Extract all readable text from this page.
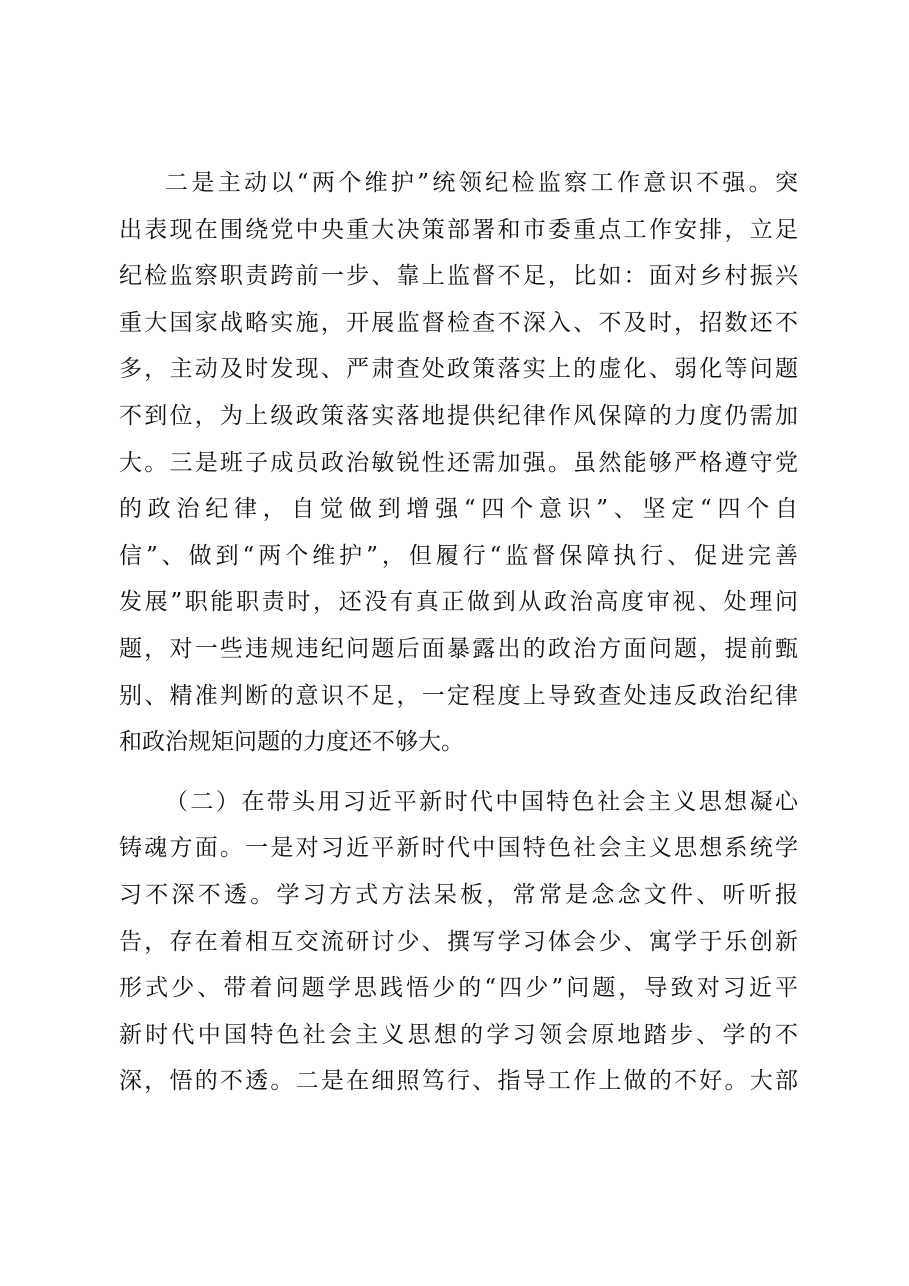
二是主动以“两个维护”统领纪检监察工作意识不强。突
出表现在围绕党中央重大决策部署和市委重点工作安排，立足
纪检监察职责跨前一步、靠上监督不足，比如：面对乡村振兴
重大国家战略实施，开展监督检查不深入、不及时，招数还不
多，主动及时发现、严肃查处政策落实上的虚化、弱化等问题
不到位，为上级政策落实落地提供纪律作风保障的力度仍需加
大。三是班子成员政治敏锐性还需加强。虽然能够严格遵守党
的政治纪律，自觉做到增强“四个意识”、坚定“四个自
信”、做到“两个维护”，但履行“监督保障执行、促进完善
发展”职能职责时，还没有真正做到从政治高度审视、处理问
题，对一些违规违纪问题后面暴露出的政治方面问题，提前甄
别、精准判断的意识不足，一定程度上导致查处违反政治纪律
和政治规矩问题的力度还不够大。
（二）在带头用习近平新时代中国特色社会主义思想凝心
铸魂方面。一是对习近平新时代中国特色社会主义思想系统学
习不深不透。学习方式方法呆板，常常是念念文件、听听报
告，存在着相互交流研讨少、撰写学习体会少、寓学于乐创新
形式少、带着问题学思践悟少的“四少”问题，导致对习近平
新时代中国特色社会主义思想的学习领会原地踏步、学的不
深，悟的不透。二是在细照笃行、指导工作上做的不好。大部
